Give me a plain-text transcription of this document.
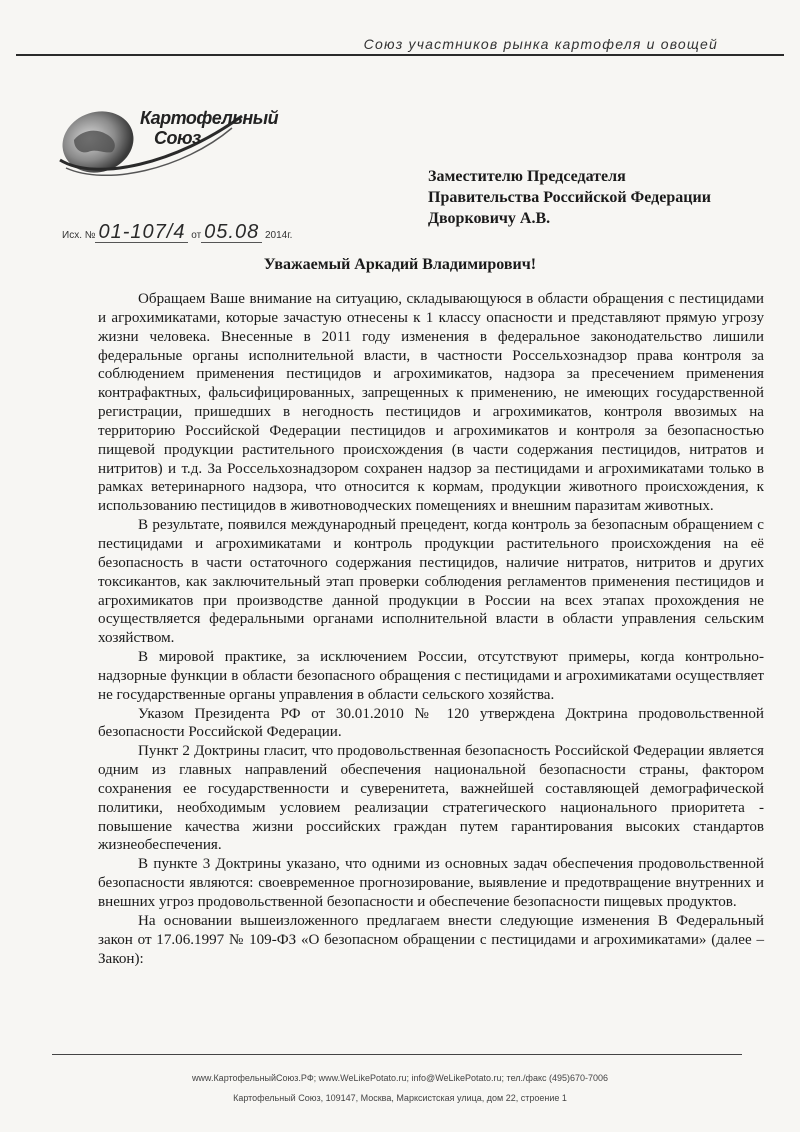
Союз участников рынка картофеля и овощей
Картофельный
Союз
Заместителю Председателя
Правительства Российской Федерации
Дворковичу А.В.
Исх. № 01-107/4 от 05.08 2014г.
Уважаемый Аркадий Владимирович!

Обращаем Ваше внимание на ситуацию, складывающуюся в области обращения с пестицидами и агрохимикатами, которые зачастую отнесены к 1 классу опасности и представляют прямую угрозу жизни человека. Внесенные в 2011 году изменения в федеральное законодательство лишили федеральные органы исполнительной власти, в частности Россельхознадзор права контроля за соблюдением применения пестицидов и агрохимикатов, надзора за пресечением применения контрафактных, фальсифицированных, запрещенных к применению, не имеющих государственной регистрации, пришедших в негодность пестицидов и агрохимикатов, контроля ввозимых на территорию Российской Федерации пестицидов и агрохимикатов и контроля за безопасностью пищевой продукции растительного происхождения (в части содержания пестицидов, нитратов и нитритов) и т.д. За Россельхознадзором сохранен надзор за пестицидами и агрохимикатами только в рамках ветеринарного надзора, что относится к кормам, продукции животного происхождения, к использованию пестицидов в животноводческих помещениях и внешним паразитам животных.

В результате, появился международный прецедент, когда контроль за безопасным обращением с пестицидами и агрохимикатами и контроль продукции растительного происхождения на её безопасность в части остаточного содержания пестицидов, наличие нитратов, нитритов и других токсикантов, как заключительный этап проверки соблюдения регламентов применения пестицидов и агрохимикатов при производстве данной продукции в России на всех этапах прохождения не осуществляется федеральными органами исполнительной власти в области управления сельским хозяйством.

В мировой практике, за исключением России, отсутствуют примеры, когда контрольно-надзорные функции в области безопасного обращения с пестицидами и агрохимикатами осуществляет не государственные органы управления в области сельского хозяйства.

Указом Президента РФ от 30.01.2010 № 120 утверждена Доктрина продовольственной безопасности Российской Федерации.

Пункт 2 Доктрины гласит, что продовольственная безопасность Российской Федерации является одним из главных направлений обеспечения национальной безопасности страны, фактором сохранения ее государственности и суверенитета, важнейшей составляющей демографической политики, необходимым условием реализации стратегического национального приоритета - повышение качества жизни российских граждан путем гарантирования высоких стандартов жизнеобеспечения.

В пункте 3 Доктрины указано, что одними из основных задач обеспечения продовольственной безопасности являются: своевременное прогнозирование, выявление и предотвращение внутренних и внешних угроз продовольственной безопасности и обеспечение безопасности пищевых продуктов.

На основании вышеизложенного предлагаем внести следующие изменения В Федеральный закон от 17.06.1997 № 109-ФЗ «О безопасном обращении с пестицидами и агрохимикатами» (далее – Закон):

www.КартофельныйСоюз.РФ; www.WeLikePotato.ru; info@WeLikePotato.ru; тел./факс (495)670-7006
Картофельный Союз, 109147, Москва, Марксистская улица, дом 22, строение 1
